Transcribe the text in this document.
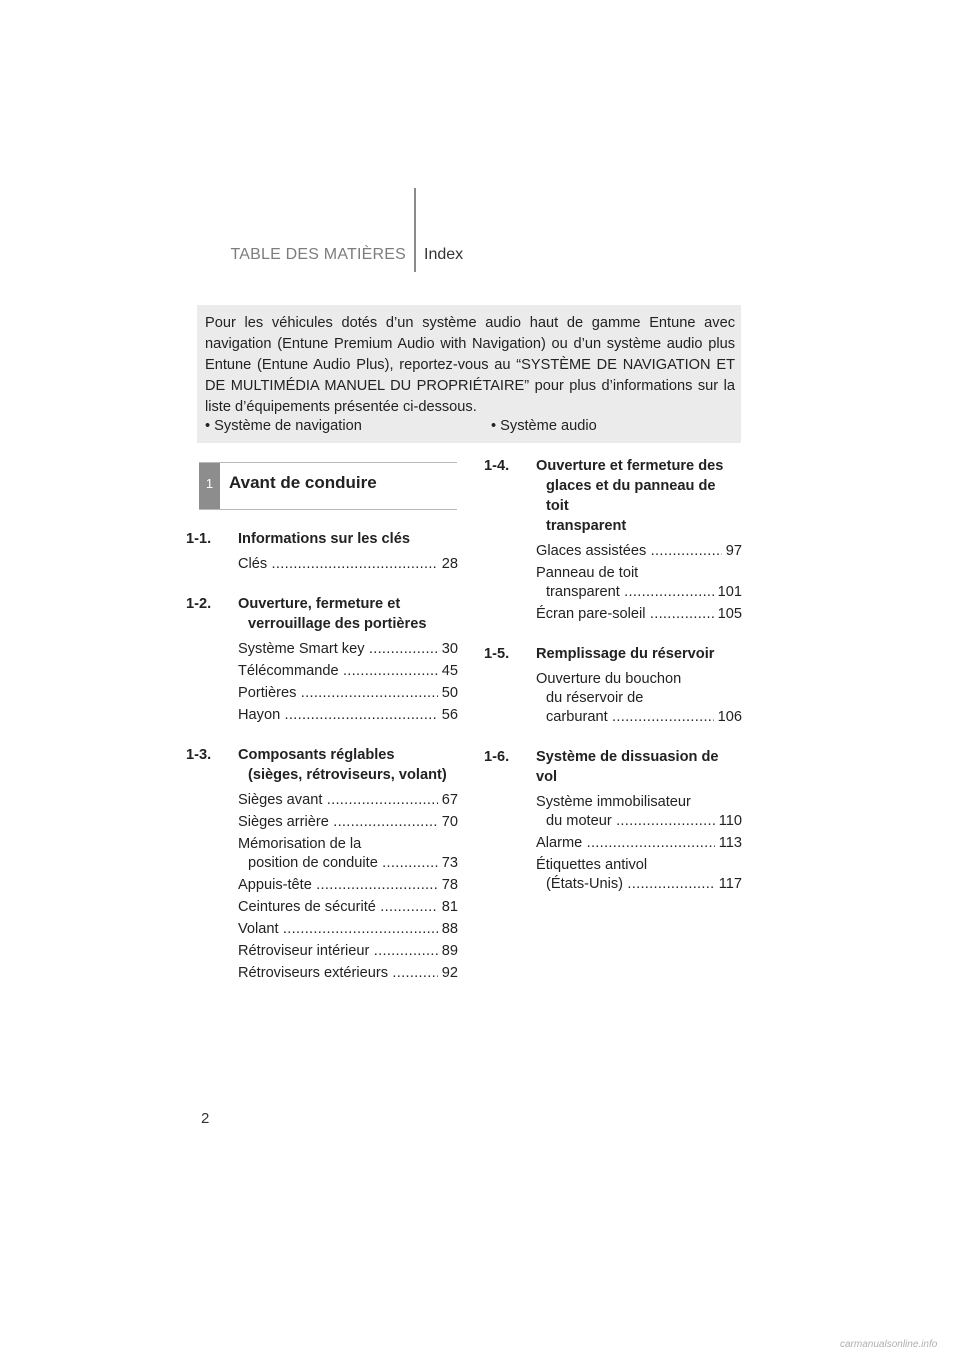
TABLE DES MATIÈRES Index

Pour les véhicules dotés d’un système audio haut de gamme Entune avec navigation (Entune Premium Audio with Navigation) ou d’un système audio plus Entune (Entune Audio Plus), reportez-vous au “SYSTÈME DE NAVIGATION ET DE MULTIMÉDIA MANUEL DU PROPRIÉTAIRE” pour plus d’informations sur la liste d’équipements présentée ci-dessous.

• Système de navigation	• Système audio
1 Avant de conduire
1-1. Informations sur les clés
Clés	28
.....
1-2. Ouverture, fermeture et
verrouillage des portières
Système Smart key	30
.....
Télécommande	45
.....
Portières	50
.....
Hayon	56
.....
1-3. Composants réglables
(sièges, rétroviseurs, volant)
Sièges avant	67
.....
Sièges arrière	70
.....
Mémorisation de la
position de conduite	73
.....
Appuis-tête	78
.....
Ceintures de sécurité	81
.....
Volant	88
.....
Rétroviseur intérieur	89
.....
Rétroviseurs extérieurs	92
.....
1-4. Ouverture et fermeture des
glaces et du panneau de toit
transparent
Glaces assistées	97
.....
Panneau de toit
transparent	101
.....
Écran pare-soleil	105
.....
1-5. Remplissage du réservoir
Ouverture du bouchon
du réservoir de
carburant	106
.....
1-6. Système de dissuasion de vol
Système immobilisateur
du moteur	110
.....
Alarme	113
.....
Étiquettes antivol
(États-Unis)	117
.....
2
carmanualsonline.info
